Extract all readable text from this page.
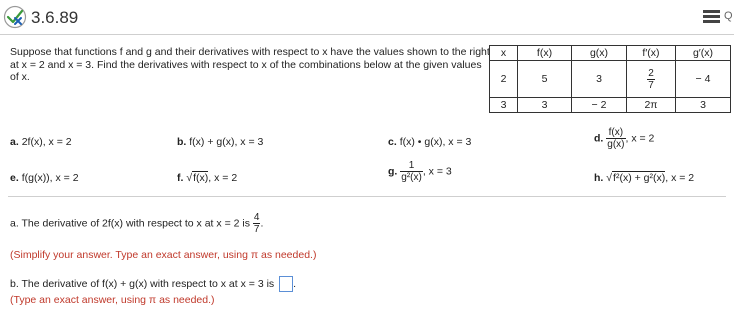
3.6.89	Q
Suppose that functions f and g and their derivatives with respect to x have the values shown to the right at x = 2 and x = 3. Find the derivatives with respect to x of the combinations below at the given values of x.
x	f(x)	g(x)	f′(x)	g′(x)
2	5	3	$\frac{2}{7}$	− 4
3	3	− 2	2π	3
a. 2f(x), x = 2	b. f(x) + g(x), x = 3	c. f(x) • g(x), x = 3	d. $\frac{f(x)}{g(x)}$ , x = 2
e. f(g(x)), x = 2	f. √f(x), x = 2
g. $\frac{1}{\text{g²(x)}}$ , x = 3
h. √f²(x) + g²(x), x = 2
a. The derivative of 2f(x) with respect to x at x = 2 is $\frac{4}{7}$ .
(Simplify your answer. Type an exact answer, using π as needed.)
b. The derivative of f(x) + g(x) with respect to x at x = 3 is .
(Type an exact answer, using π as needed.)
